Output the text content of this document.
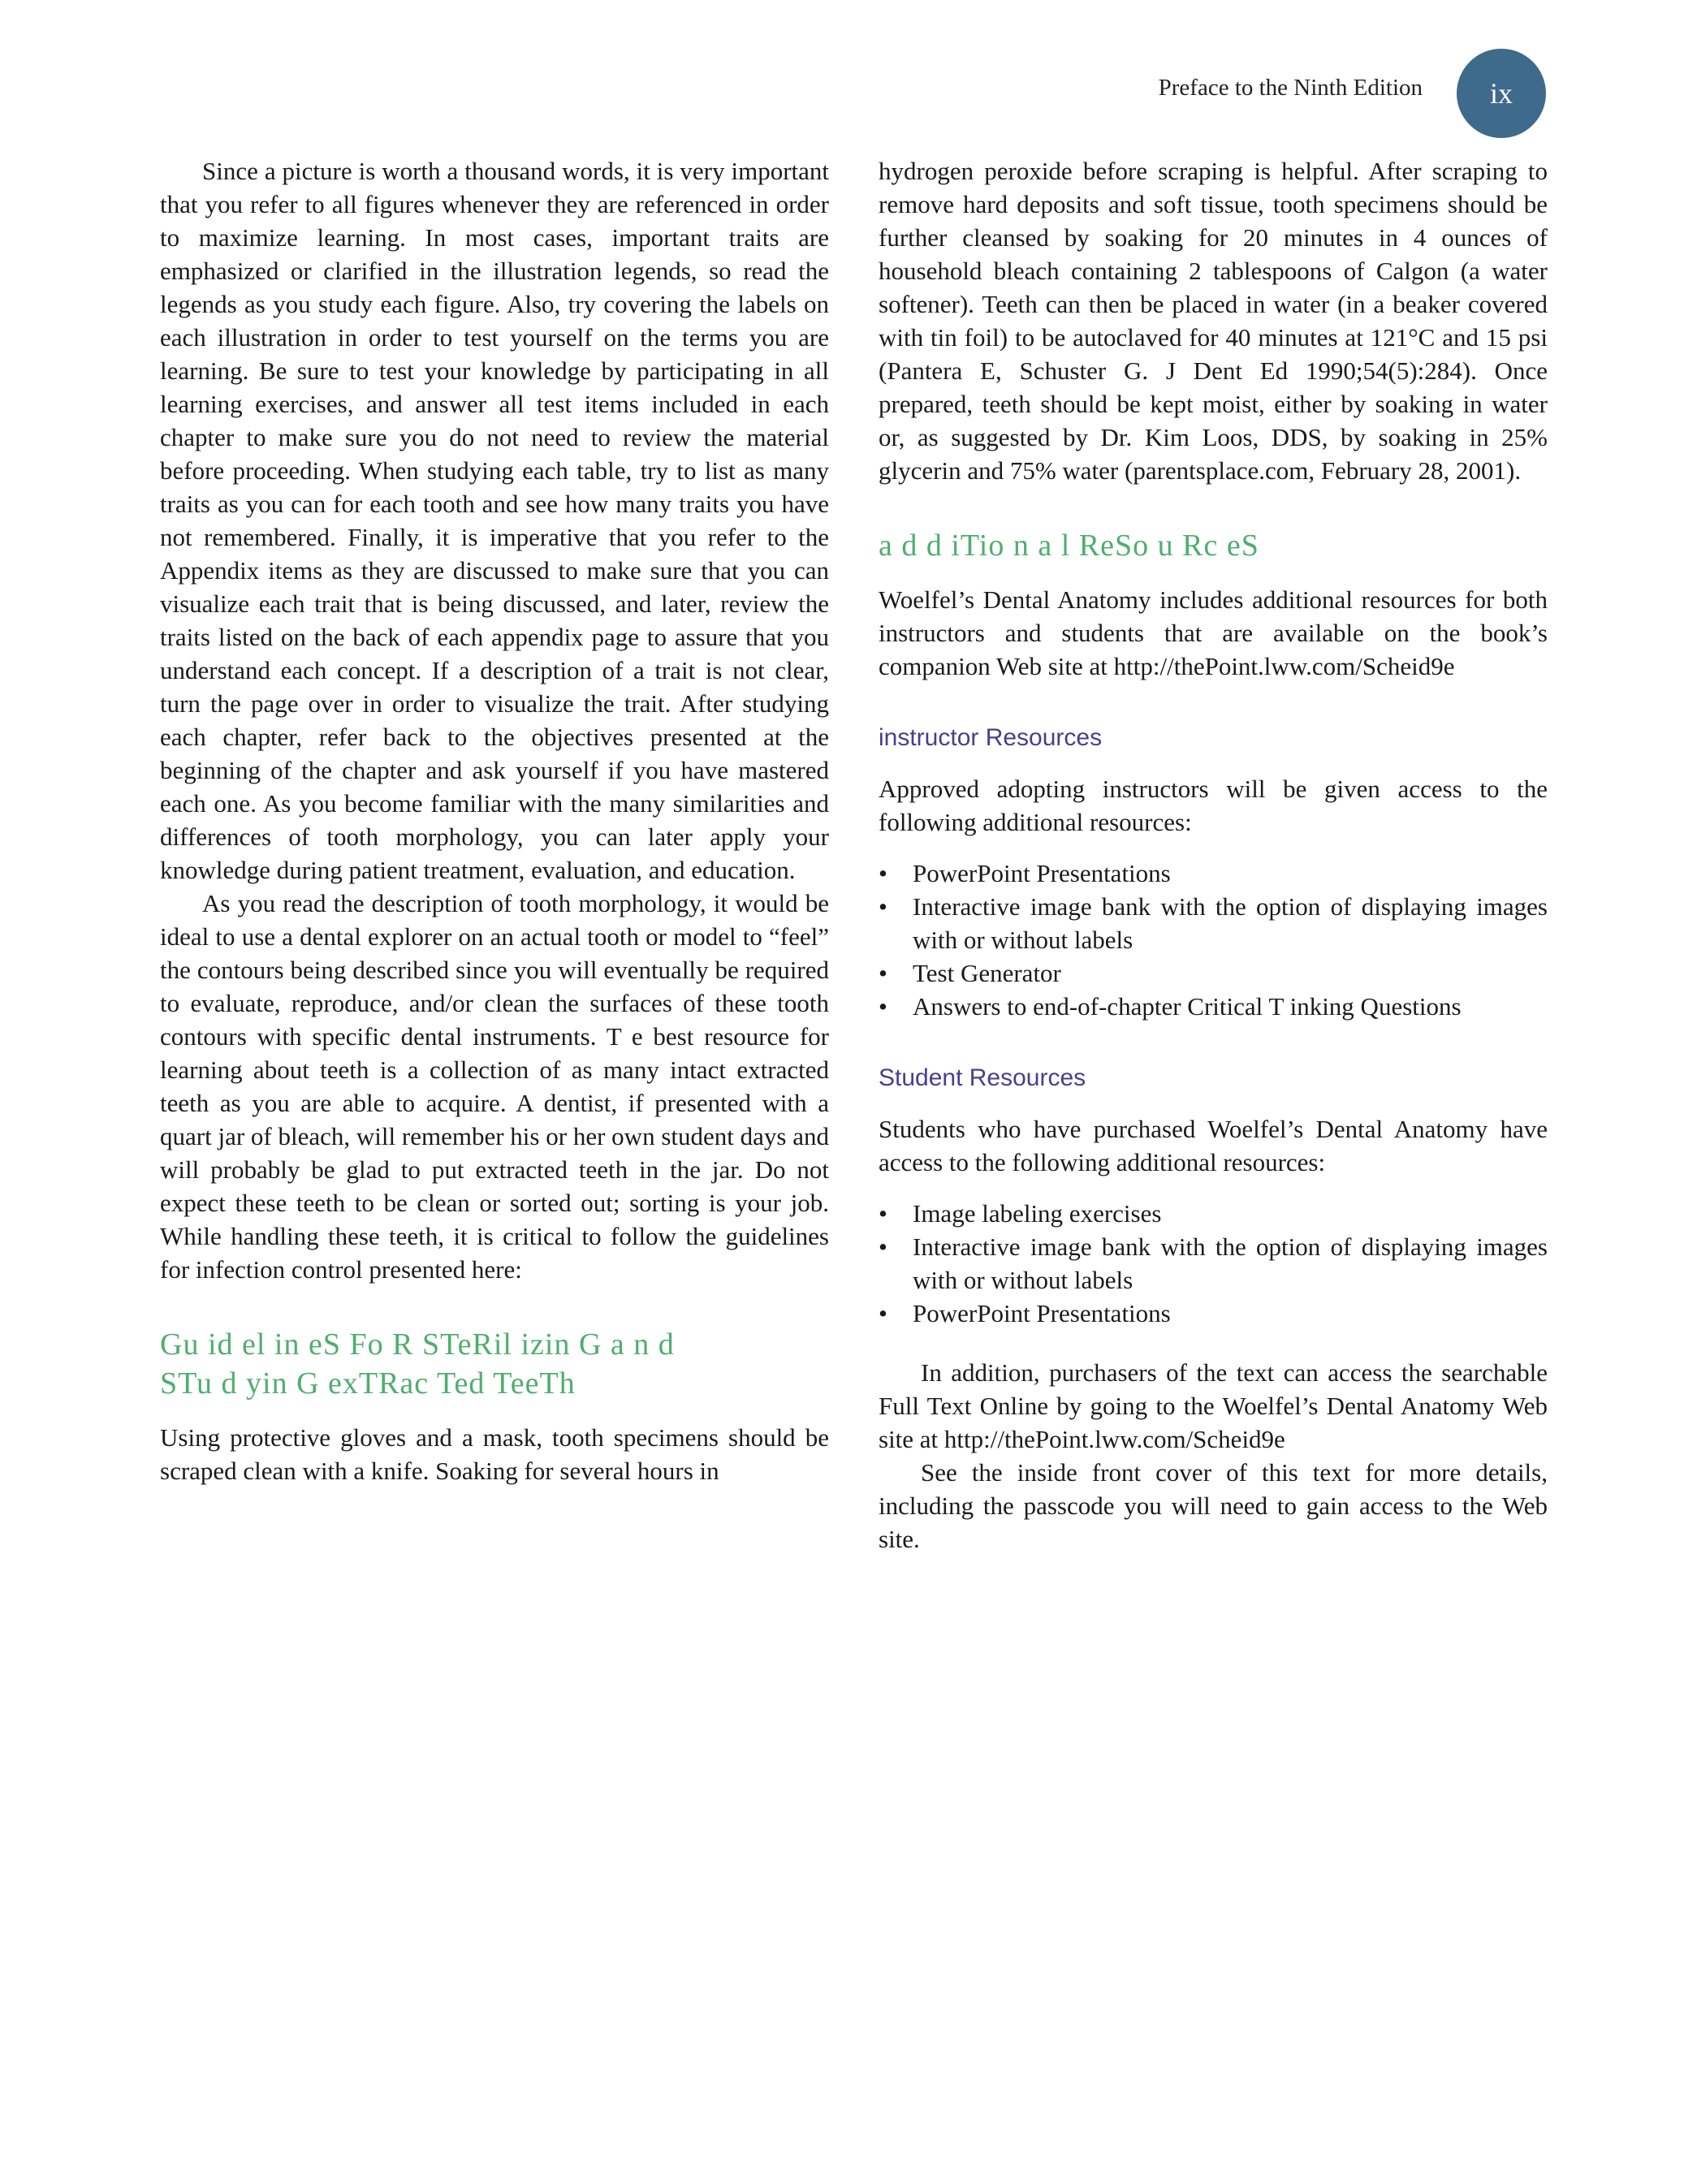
Preface to the Ninth Edition	ix

Since a picture is worth a thousand words, it is very important that you refer to all figures whenever they are referenced in order to maximize learning. In most cases, important traits are emphasized or clarified in the illustration legends, so read the legends as you study each figure. Also, try covering the labels on each illustration in order to test yourself on the terms you are learning. Be sure to test your knowledge by participating in all learning exercises, and answer all test items included in each chapter to make sure you do not need to review the material before proceeding. When studying each table, try to list as many traits as you can for each tooth and see how many traits you have not remembered. Finally, it is imperative that you refer to the Appendix items as they are discussed to make sure that you can visualize each trait that is being discussed, and later, review the traits listed on the back of each appendix page to assure that you understand each concept. If a description of a trait is not clear, turn the page over in order to visualize the trait. After studying each chapter, refer back to the objectives presented at the beginning of the chapter and ask yourself if you have mastered each one. As you become familiar with the many similarities and differences of tooth morphology, you can later apply your knowledge during patient treatment, evaluation, and education.

As you read the description of tooth morphology, it would be ideal to use a dental explorer on an actual tooth or model to “feel” the contours being described since you will eventually be required to evaluate, reproduce, and/or clean the surfaces of these tooth contours with specific dental instruments. T e best resource for learning about teeth is a collection of as many intact extracted teeth as you are able to acquire. A dentist, if presented with a quart jar of bleach, will remember his or her own student days and will probably be glad to put extracted teeth in the jar. Do not expect these teeth to be clean or sorted out; sorting is your job. While handling these teeth, it is critical to follow the guidelines for infection control presented here:

Gu id el in eS Fo R STeRil izin G a n d
STu d yin G exTRac Ted TeeTh

Using protective gloves and a mask, tooth specimens should be scraped clean with a knife. Soaking for several hours in

hydrogen peroxide before scraping is helpful. After scraping to remove hard deposits and soft tissue, tooth specimens should be further cleansed by soaking for 20 minutes in 4 ounces of household bleach containing 2 tablespoons of Calgon (a water softener). Teeth can then be placed in water (in a beaker covered with tin foil) to be autoclaved for 40 minutes at 121°C and 15 psi (Pantera E, Schuster G. J Dent Ed 1990;54(5):284). Once prepared, teeth should be kept moist, either by soaking in water or, as suggested by Dr. Kim Loos, DDS, by soaking in 25% glycerin and 75% water (parentsplace.com, February 28, 2001).

a d d iTio n a l ReSo u Rc eS

Woelfel’s Dental Anatomy includes additional resources for both instructors and students that are available on the book’s companion Web site at http://thePoint.lww.com/Scheid9e

instructor Resources

Approved adopting instructors will be given access to the following additional resources:

• PowerPoint Presentations
• Interactive image bank with the option of displaying images with or without labels
• Test Generator
• Answers to end-of-chapter Critical T inking Questions
Student Resources

Students who have purchased Woelfel’s Dental Anatomy have access to the following additional resources:

• Image labeling exercises
• Interactive image bank with the option of displaying images with or without labels
• PowerPoint Presentations

In addition, purchasers of the text can access the searchable Full Text Online by going to the Woelfel’s Dental Anatomy Web site at http://thePoint.lww.com/Scheid9e

See the inside front cover of this text for more details, including the passcode you will need to gain access to the Web site.
